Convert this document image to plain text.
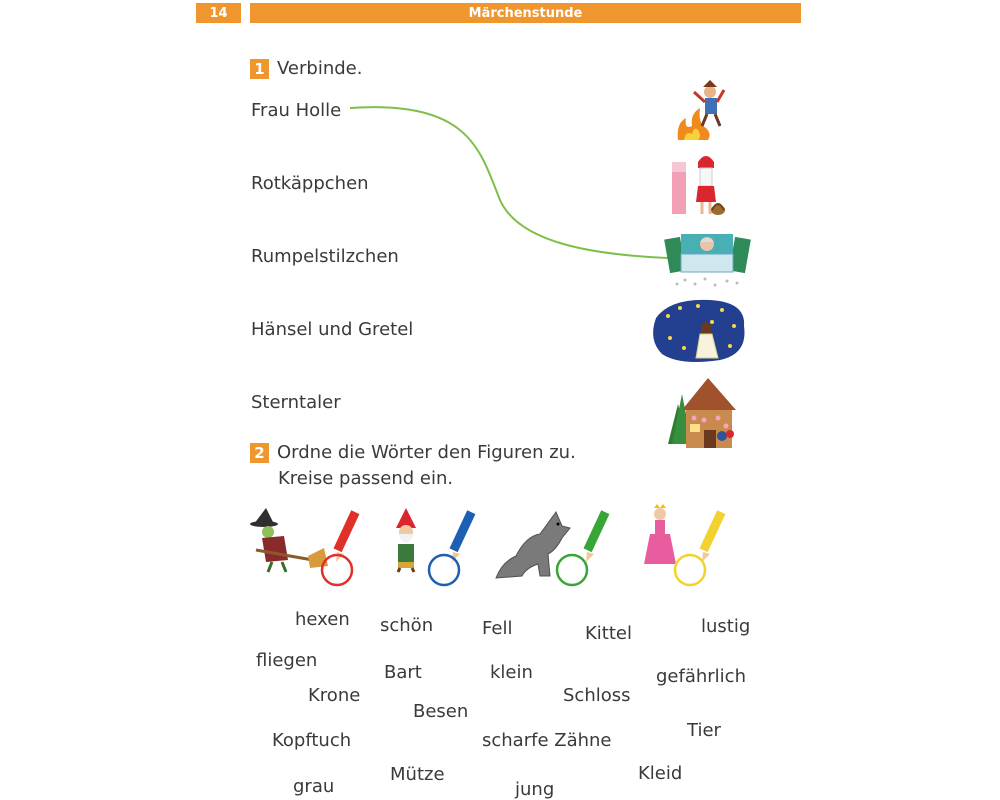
14	Märchenstunde
1 Verbinde.
Frau Holle
Rotkäppchen
Rumpelstilzchen
Hänsel und Gretel
Sterntaler
2 Ordne die Wörter den Figuren zu.
Kreise passend ein.
hexen schön	Fell	Kittel	lustig
fliegen
Bart	klein	gefährlich
Schloss
Krone
Besen
Kopftuch	scharfe Zähne	Tier
grau
Mütze
jung
Kleid
